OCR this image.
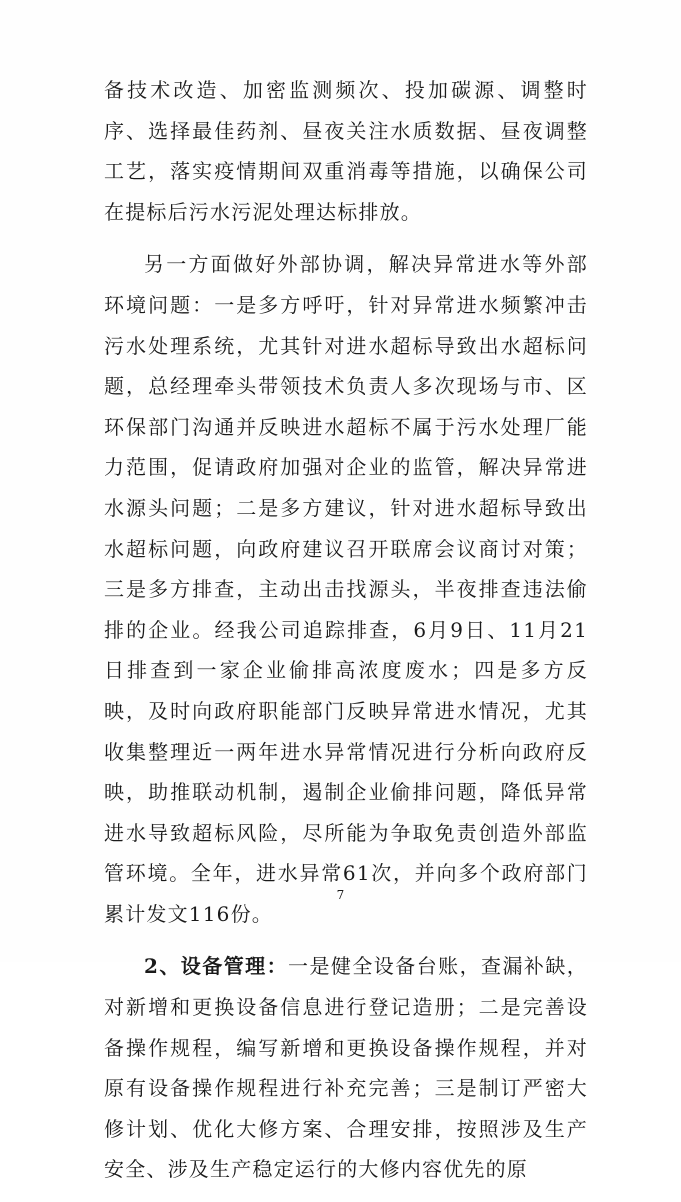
备技术改造、加密监测频次、投加碳源、调整时序、选择最佳药剂、昼夜关注水质数据、昼夜调整工艺，落实疫情期间双重消毒等措施，以确保公司在提标后污水污泥处理达标排放。

另一方面做好外部协调，解决异常进水等外部环境问题：一是多方呼吁，针对异常进水频繁冲击污水处理系统，尤其针对进水超标导致出水超标问题，总经理牵头带领技术负责人多次现场与市、区环保部门沟通并反映进水超标不属于污水处理厂能力范围，促请政府加强对企业的监管，解决异常进水源头问题；二是多方建议，针对进水超标导致出水超标问题，向政府建议召开联席会议商讨对策；三是多方排查，主动出击找源头，半夜排查违法偷排的企业。经我公司追踪排查，6月9日、11月21日排查到一家企业偷排高浓度废水；四是多方反映，及时向政府职能部门反映异常进水情况，尤其收集整理近一两年进水异常情况进行分析向政府反映，助推联动机制，遏制企业偷排问题，降低异常进水导致超标风险，尽所能为争取免责创造外部监管环境。全年，进水异常61次，并向多个政府部门累计发文116份。

2、设备管理：一是健全设备台账，查漏补缺，对新增和更换设备信息进行登记造册；二是完善设备操作规程，编写新增和更换设备操作规程，并对原有设备操作规程进行补充完善；三是制订严密大修计划、优化大修方案、合理安排，按照涉及生产安全、涉及生产稳定运行的大修内容优先的原

7
